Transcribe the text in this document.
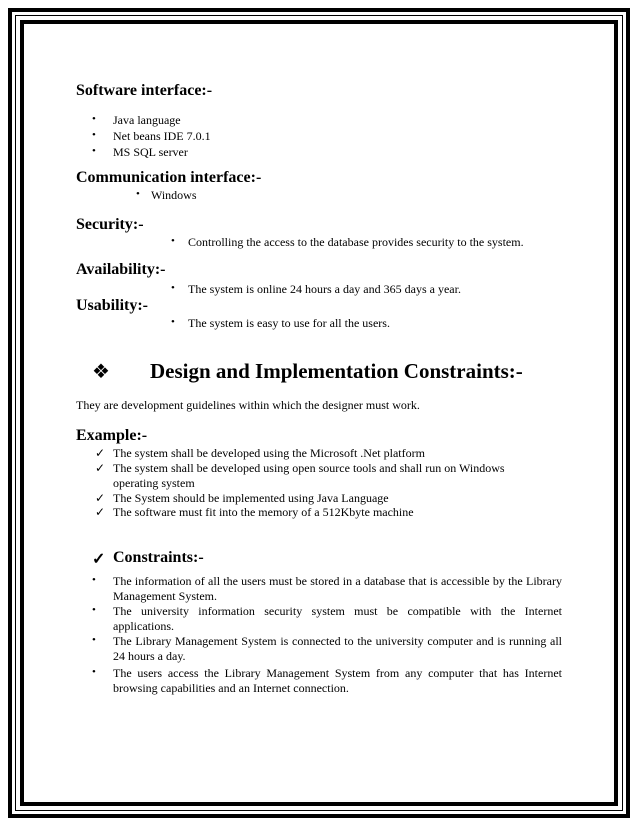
Software interface:-
• Java language
• Net beans IDE 7.0.1
• MS SQL server
Communication interface:-
• Windows
Security:-
• Controlling the access to the database provides security to the system.
Availability:-
• The system is online 24 hours a day and 365 days a year.
Usability:-
• The system is easy to use for all the users.
❖ Design and Implementation Constraints:-
They are development guidelines within which the designer must work.
Example:-
✓ The system shall be developed using the Microsoft .Net platform
✓ The system shall be developed using open source tools and shall run on Windows operating system
✓ The System should be implemented using Java Language
✓ The software must fit into the memory of a 512Kbyte machine
✓ Constraints:-
• The information of all the users must be stored in a database that is accessible by the Library Management System.
• The university information security system must be compatible with the Internet applications.
• The Library Management System is connected to the university computer and is running all 24 hours a day.
• The users access the Library Management System from any computer that has Internet browsing capabilities and an Internet connection.
